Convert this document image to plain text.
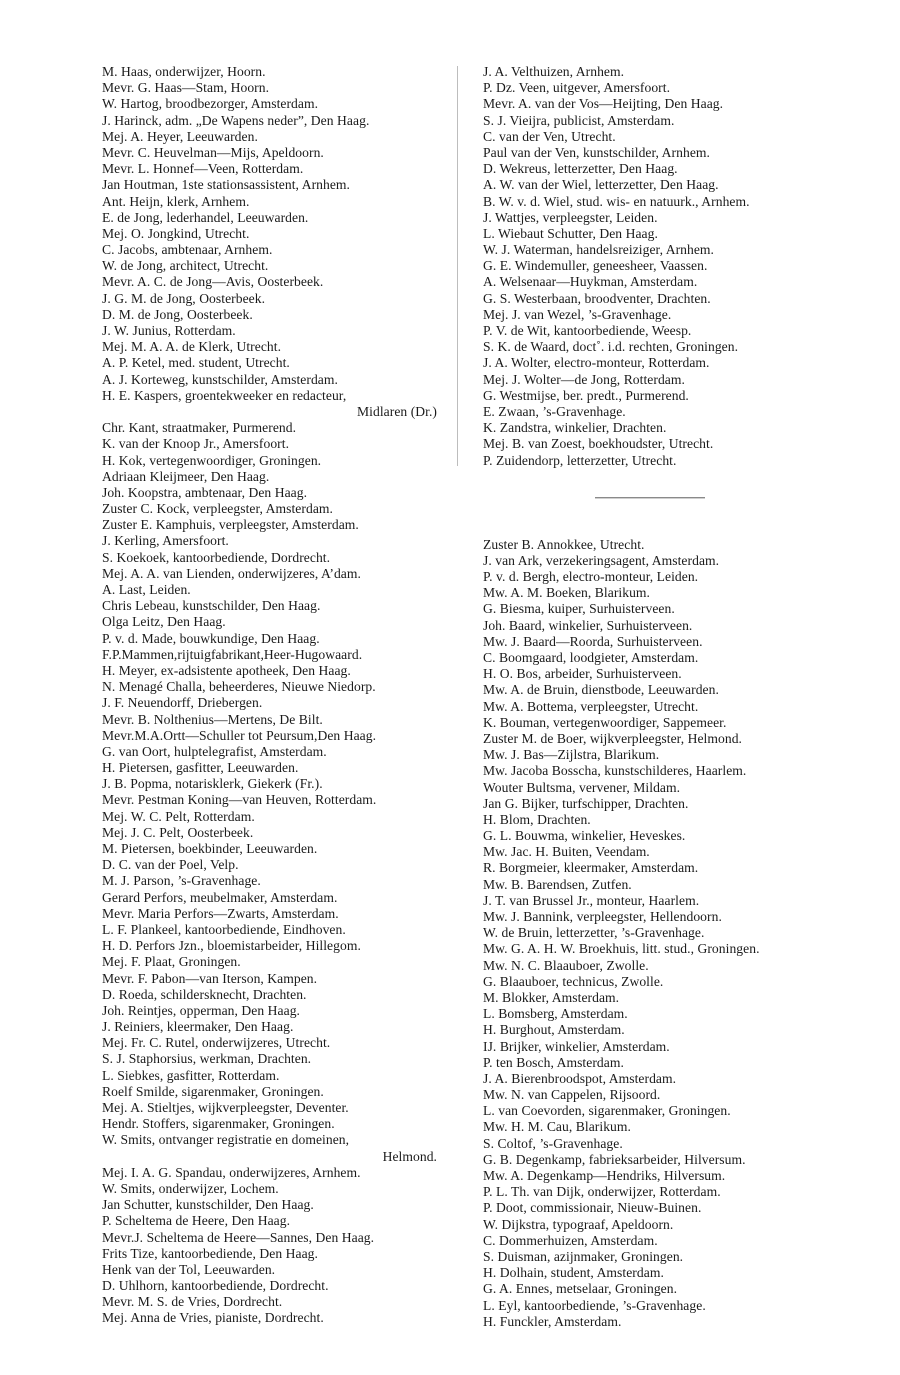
M. Haas, onderwijzer, Hoorn.
Mevr. G. Haas—Stam, Hoorn.
W. Hartog, broodbezorger, Amsterdam.
J. Harinck, adm. „De Wapens neder”, Den Haag.
Mej. A. Heyer, Leeuwarden.
Mevr. C. Heuvelman—Mijs, Apeldoorn.
Mevr. L. Honnef—Veen, Rotterdam.
Jan Houtman, 1ste stationsassistent, Arnhem.
Ant. Heijn, klerk, Arnhem.
E. de Jong, lederhandel, Leeuwarden.
Mej. O. Jongkind, Utrecht.
C. Jacobs, ambtenaar, Arnhem.
W. de Jong, architect, Utrecht.
Mevr. A. C. de Jong—Avis, Oosterbeek.
J. G. M. de Jong, Oosterbeek.
D. M. de Jong, Oosterbeek.
J. W. Junius, Rotterdam.
Mej. M. A. A. de Klerk, Utrecht.
A. P. Ketel, med. student, Utrecht.
A. J. Korteweg, kunstschilder, Amsterdam.
H. E. Kaspers, groentekweeker en redacteur,
Midlaren (Dr.)
Chr. Kant, straatmaker, Purmerend.
K. van der Knoop Jr., Amersfoort.
H. Kok, vertegenwoordiger, Groningen.
Adriaan Kleijmeer, Den Haag.
Joh. Koopstra, ambtenaar, Den Haag.
Zuster C. Kock, verpleegster, Amsterdam.
Zuster E. Kamphuis, verpleegster, Amsterdam.
J. Kerling, Amersfoort.
S. Koekoek, kantoorbediende, Dordrecht.
Mej. A. A. van Lienden, onderwijzeres, A’dam.
A. Last, Leiden.
Chris Lebeau, kunstschilder, Den Haag.
Olga Leitz, Den Haag.
P. v. d. Made, bouwkundige, Den Haag.
F.P.Mammen,rijtuigfabrikant,Heer-Hugowaard.
H. Meyer, ex-adsistente apotheek, Den Haag.
N. Menagé Challa, beheerderes, Nieuwe Niedorp.
J. F. Neuendorff, Driebergen.
Mevr. B. Nolthenius—Mertens, De Bilt.
Mevr.M.A.Ortt—Schuller tot Peursum,Den Haag.
G. van Oort, hulptelegrafist, Amsterdam.
H. Pietersen, gasfitter, Leeuwarden.
J. B. Popma, notarisklerk, Giekerk (Fr.).
Mevr. Pestman Koning—van Heuven, Rotterdam.
Mej. W. C. Pelt, Rotterdam.
Mej. J. C. Pelt, Oosterbeek.
M. Pietersen, boekbinder, Leeuwarden.
D. C. van der Poel, Velp.
M. J. Parson, ’s-Gravenhage.
Gerard Perfors, meubelmaker, Amsterdam.
Mevr. Maria Perfors—Zwarts, Amsterdam.
L. F. Plankeel, kantoorbediende, Eindhoven.
H. D. Perfors Jzn., bloemistarbeider, Hillegom.
Mej. F. Plaat, Groningen.
Mevr. F. Pabon—van Iterson, Kampen.
D. Roeda, schildersknecht, Drachten.
Joh. Reintjes, opperman, Den Haag.
J. Reiniers, kleermaker, Den Haag.
Mej. Fr. C. Rutel, onderwijzeres, Utrecht.
S. J. Staphorsius, werkman, Drachten.
L. Siebkes, gasfitter, Rotterdam.
Roelf Smilde, sigarenmaker, Groningen.
Mej. A. Stieltjes, wijkverpleegster, Deventer.
Hendr. Stoffers, sigarenmaker, Groningen.
W. Smits, ontvanger registratie en domeinen,
Helmond.
Mej. I. A. G. Spandau, onderwijzeres, Arnhem.
W. Smits, onderwijzer, Lochem.
Jan Schutter, kunstschilder, Den Haag.
P. Scheltema de Heere, Den Haag.
Mevr.J. Scheltema de Heere—Sannes, Den Haag.
Frits Tize, kantoorbediende, Den Haag.
Henk van der Tol, Leeuwarden.
D. Uhlhorn, kantoorbediende, Dordrecht.
Mevr. M. S. de Vries, Dordrecht.
Mej. Anna de Vries, pianiste, Dordrecht.
J. A. Velthuizen, Arnhem.
P. Dz. Veen, uitgever, Amersfoort.
Mevr. A. van der Vos—Heijting, Den Haag.
S. J. Vieijra, publicist, Amsterdam.
C. van der Ven, Utrecht.
Paul van der Ven, kunstschilder, Arnhem.
D. Wekreus, letterzetter, Den Haag.
A. W. van der Wiel, letterzetter, Den Haag.
B. W. v. d. Wiel, stud. wis- en natuurk., Arnhem.
J. Wattjes, verpleegster, Leiden.
L. Wiebaut Schutter, Den Haag.
W. J. Waterman, handelsreiziger, Arnhem.
G. E. Windemuller, geneesheer, Vaassen.
A. Welsenaar—Huykman, Amsterdam.
G. S. Westerbaan, broodventer, Drachten.
Mej. J. van Wezel, ’s-Gravenhage.
P. V. de Wit, kantoorbediende, Weesp.
S. K. de Waard, doct˚. i.d. rechten, Groningen.
J. A. Wolter, electro-monteur, Rotterdam.
Mej. J. Wolter—de Jong, Rotterdam.
G. Westmijse, ber. predt., Purmerend.
E. Zwaan, ’s-Gravenhage.
K. Zandstra, winkelier, Drachten.
Mej. B. van Zoest, boekhoudster, Utrecht.
P. Zuidendorp, letterzetter, Utrecht.
Zuster B. Annokkee, Utrecht.
J. van Ark, verzekeringsagent, Amsterdam.
P. v. d. Bergh, electro-monteur, Leiden.
Mw. A. M. Boeken, Blarikum.
G. Biesma, kuiper, Surhuisterveen.
Joh. Baard, winkelier, Surhuisterveen.
Mw. J. Baard—Roorda, Surhuisterveen.
C. Boomgaard, loodgieter, Amsterdam.
H. O. Bos, arbeider, Surhuisterveen.
Mw. A. de Bruin, dienstbode, Leeuwarden.
Mw. A. Bottema, verpleegster, Utrecht.
K. Bouman, vertegenwoordiger, Sappemeer.
Zuster M. de Boer, wijkverpleegster, Helmond.
Mw. J. Bas—Zijlstra, Blarikum.
Mw. Jacoba Bosscha, kunstschilderes, Haarlem.
Wouter Bultsma, vervener, Mildam.
Jan G. Bijker, turfschipper, Drachten.
H. Blom, Drachten.
G. L. Bouwma, winkelier, Heveskes.
Mw. Jac. H. Buiten, Veendam.
R. Borgmeier, kleermaker, Amsterdam.
Mw. B. Barendsen, Zutfen.
J. T. van Brussel Jr., monteur, Haarlem.
Mw. J. Bannink, verpleegster, Hellendoorn.
W. de Bruin, letterzetter, ’s-Gravenhage.
Mw. G. A. H. W. Broekhuis, litt. stud., Groningen.
Mw. N. C. Blaauboer, Zwolle.
G. Blaauboer, technicus, Zwolle.
M. Blokker, Amsterdam.
L. Bomsberg, Amsterdam.
H. Burghout, Amsterdam.
IJ. Brijker, winkelier, Amsterdam.
P. ten Bosch, Amsterdam.
J. A. Bierenbroodspot, Amsterdam.
Mw. N. van Cappelen, Rijsoord.
L. van Coevorden, sigarenmaker, Groningen.
Mw. H. M. Cau, Blarikum.
S. Coltof, ’s-Gravenhage.
G. B. Degenkamp, fabrieksarbeider, Hilversum.
Mw. A. Degenkamp—Hendriks, Hilversum.
P. L. Th. van Dijk, onderwijzer, Rotterdam.
P. Doot, commissionair, Nieuw-Buinen.
W. Dijkstra, typograaf, Apeldoorn.
C. Dommerhuizen, Amsterdam.
S. Duisman, azijnmaker, Groningen.
H. Dolhain, student, Amsterdam.
G. A. Ennes, metselaar, Groningen.
L. Eyl, kantoorbediende, ’s-Gravenhage.
H. Funckler, Amsterdam.
